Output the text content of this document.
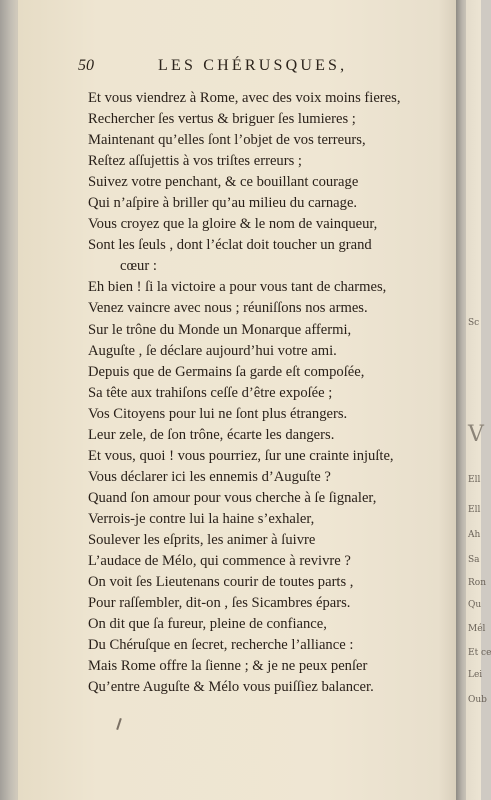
50	LES CHÉRUSQUES,
Et vous viendrez à Rome, avec des voix moins fieres,
Rechercher ſes vertus & briguer ſes lumieres ;
Maintenant qu’elles ſont l’objet de vos terreurs,
Reſtez aſſujettis à vos triſtes erreurs ;
Suivez votre penchant, & ce bouillant courage
Qui n’aſpire à briller qu’au milieu du carnage.
Vous croyez que la gloire & le nom de vainqueur,
Sont les ſeuls , dont l’éclat doit toucher un grand
cœur :
Eh bien ! ſi la victoire a pour vous tant de charmes,
Venez vaincre avec nous ; réuniſſons nos armes.
Sur le trône du Monde un Monarque affermi,
Auguſte , ſe déclare aujourd’hui votre ami.
Depuis que de Germains ſa garde eſt compoſée,
Sa tête aux trahiſons ceſſe d’être expoſée ;
Vos Citoyens pour lui ne ſont plus étrangers.
Leur zele, de ſon trône, écarte les dangers.
Et vous, quoi ! vous pourriez, ſur une crainte injuſte,
Vous déclarer ici les ennemis d’Auguſte ?
Quand ſon amour pour vous cherche à ſe ſignaler,
Verrois-je contre lui la haine s’exhaler,
Soulever les eſprits, les animer à ſuivre
L’audace de Mélo, qui commence à revivre ?
On voit ſes Lieutenans courir de toutes parts ,
Pour raſſembler, dit-on , ſes Sicambres épars.
On dit que ſa fureur, pleine de confiance,
Du Chéruſque en ſecret, recherche l’alliance :
Mais Rome offre la ſienne ; & je ne peux penſer
Qu’entre Auguſte & Mélo vous puiſſiez balancer.
V
Sc
Ell
Ell
Ah
Sa
Ron
Qu
Mél
Et ce
Lei
Oub
